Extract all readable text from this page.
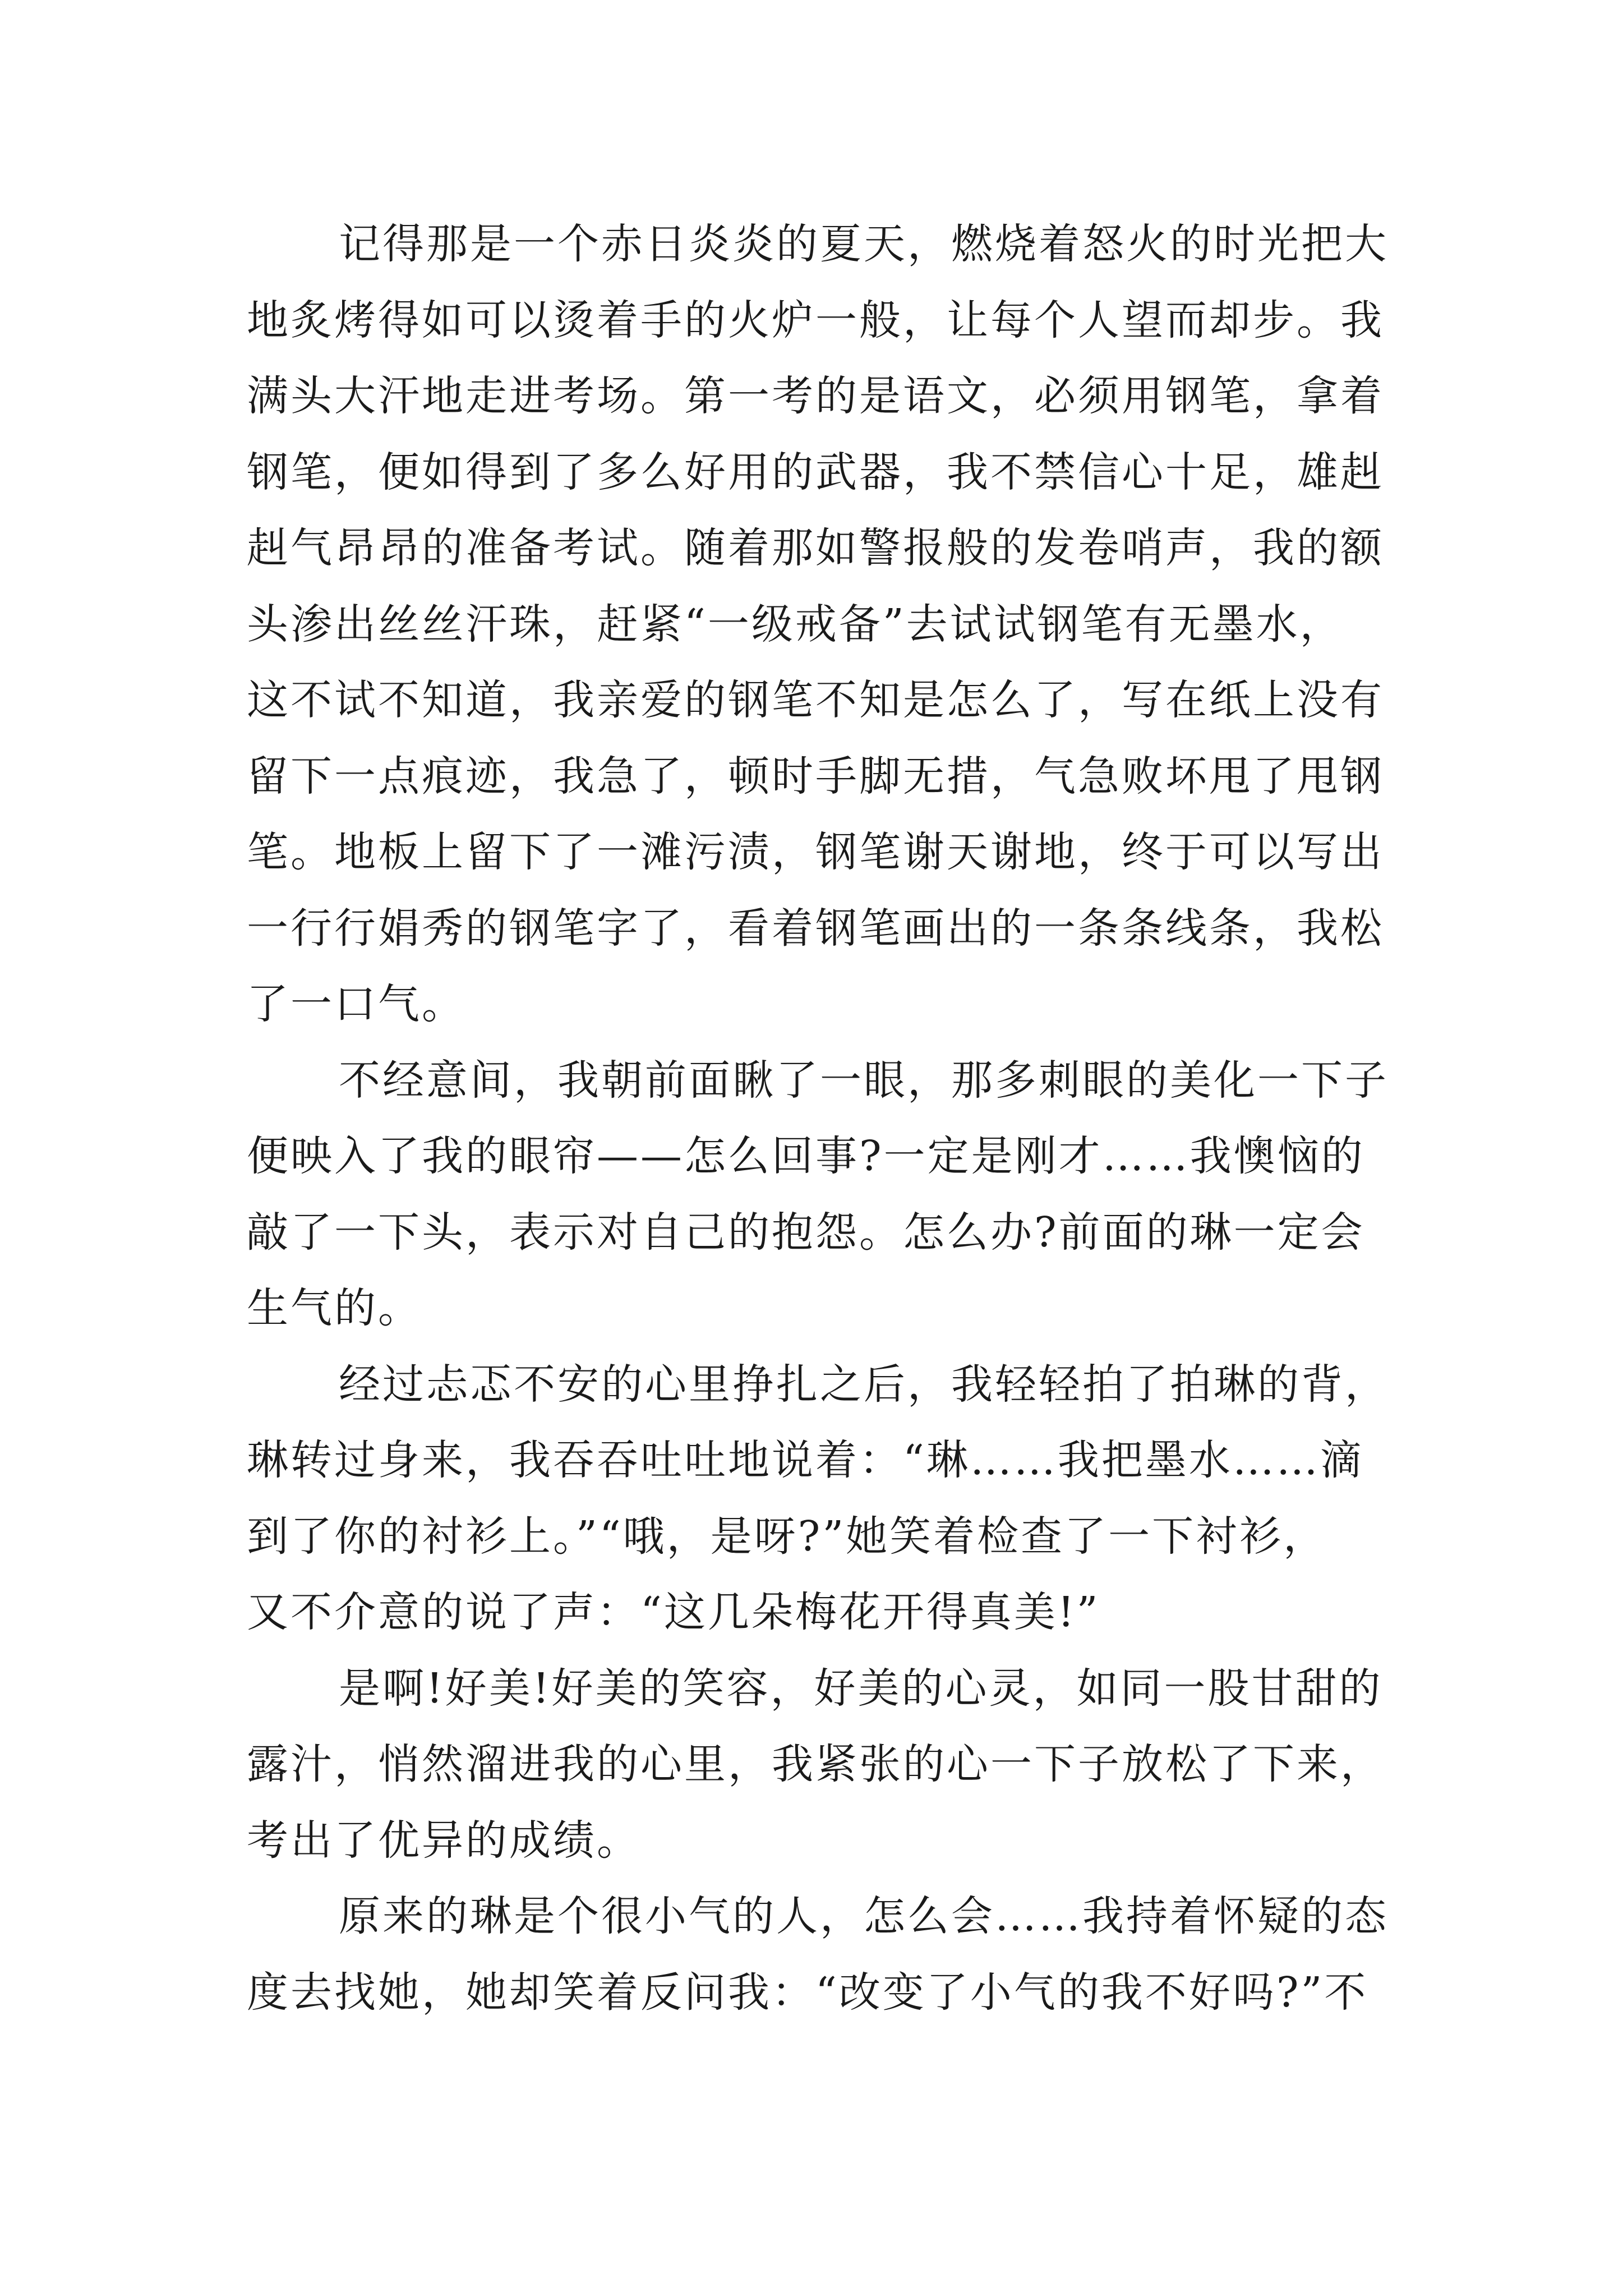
记得那是一个赤日炎炎的夏天，燃烧着怒火的时光把大
地炙烤得如可以烫着手的火炉一般，让每个人望而却步。我
满头大汗地走进考场。第一考的是语文，必须用钢笔，拿着
钢笔，便如得到了多么好用的武器，我不禁信心十足，雄赳
赳气昂昂的准备考试。随着那如警报般的发卷哨声，我的额
头渗出丝丝汗珠，赶紧“一级戒备”去试试钢笔有无墨水，
这不试不知道，我亲爱的钢笔不知是怎么了，写在纸上没有
留下一点痕迹，我急了，顿时手脚无措，气急败坏甩了甩钢
笔。地板上留下了一滩污渍，钢笔谢天谢地，终于可以写出
一行行娟秀的钢笔字了，看着钢笔画出的一条条线条，我松
了一口气。
不经意间，我朝前面瞅了一眼，那多刺眼的美化一下子
便映入了我的眼帘——怎么回事?一定是刚才……我懊恼的
敲了一下头，表示对自己的抱怨。怎么办?前面的琳一定会
生气的。
经过忐忑不安的心里挣扎之后，我轻轻拍了拍琳的背，
琳转过身来，我吞吞吐吐地说着：“琳……我把墨水……滴
到了你的衬衫上。”“哦，是呀?”她笑着检查了一下衬衫，
又不介意的说了声：“这几朵梅花开得真美!”
是啊!好美!好美的笑容，好美的心灵，如同一股甘甜的
露汁，悄然溜进我的心里，我紧张的心一下子放松了下来，
考出了优异的成绩。
原来的琳是个很小气的人，怎么会……我持着怀疑的态
度去找她，她却笑着反问我：“改变了小气的我不好吗?”不
